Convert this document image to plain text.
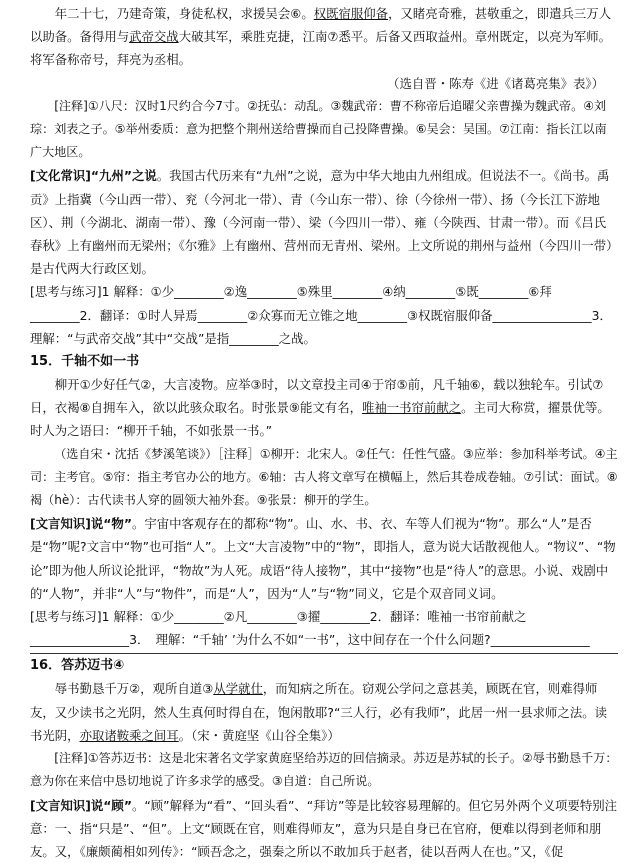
年二十七，乃建奇策，身徒私权，求援吴会⑥。权既宿服仰备，又睹亮奇雅，甚敬重之，即遣兵三万人以助备。备得用与武帝交战大破其军，乘胜克捷，江南⑦悉平。后备又西取益州。章州既定，以亮为军师。将军备称帝号，拜亮为丞相。

（选自晋・陈寿《进《诸葛亮集》表》）

[注释]①八尺：汉时1尺约合今7寸。②抚弘：动乱。③魏武帝：曹不称帝后追曜父亲曹操为魏武帝。④刘琮：刘表之子。⑤举州委质：意为把整个荆州送给曹操而自己投降曹操。⑥吴会：吴国。⑦江南：指长江以南广大地区。

[文化常识]“九州”之说。我国古代历来有“九州”之说，意为中华大地由九州组成。但说法不一。《尚书。禹贡》上指冀（今山西一带）、兖（今河北一带）、青（今山东一带）、徐（今徐州一带）、扬（今长江下游地区）、荆（今湖北、湖南一带）、豫（今河南一带）、梁（今四川一带）、雍（今陕西、甘肃一带）。而《吕氏春秋》上有幽州而无梁州；《尔雅》上有幽州、营州而无青州、梁州。上文所说的荆州与益州（今四川一带）是古代两大行政区划。

[思考与练习]1 解释：①少________②逸________⑤殊里________④纳________⑤既________⑥拜________2．翻译：①时人异焉________②众寡而无立锥之地________③权既宿服仰备________________3．理解：“与武帝交战”其中“交战”是指________之战。

15．千轴不如一书

柳开①少好任气②，大言凌物。应举③时，以文章投主司④于帘⑤前，凡千轴⑥，载以独轮车。引试⑦日，衣褐⑧自拥车入，欲以此骇众取名。时张景⑨能文有名，唯袖一书帘前献之。主司大称赏，擢景优等。时人为之语曰：“柳开千轴，不如张景一书。”

（选自宋・沈括《梦溪笔谈》）［注释］①柳开：北宋人。②任气：任性气盛。③应举：参加科举考试。④主司：主考官。⑤帘：指主考官办公的地方。⑥轴：古人将文章写在横幅上，然后其卷成卷轴。⑦引试：面试。⑧褐（hè）：古代读书人穿的圆领大袖外套。⑨张景：柳开的学生。

[文言知识]说“物”。宇宙中客观存在的都称“物”。山、水、书、衣、车等人们视为“物”。那么“人”是否是“物”呢?文言中“物”也可指“人”。上文“大言凌物”中的“物”，即指人，意为说大话散视他人。“物议”、“物论”即为他人所议论批评，“物故”为人死。成语“待人接物”，其中“接物”也是“待人”的意思。小说、戏剧中的“人物”，并非“人”与“物件”，而是“人”，因为“人”与“物”同义，它是个双音同义词。

[思考与练习]1 解释：①少________②凡________③擢________2．翻译：唯袖一书帘前献之________________3．　理解：“千轴’ ’为什么不如“一书”，这中间存在一个什么问题?________________

16．答苏迈书④

辱书勤恳千万②，观所自道③从学就仕，而知病之所在。窃观公学问之意甚美，顾既在官，则难得师友，又少读书之光阴，然人生真何时得自在，饱闲散耶?“三人行，必有我师”，此居一州一县求师之法。读书光阴，亦取诸鞍乘之间耳。（宋・黄庭坚《山谷全集》）

[注释]①答苏迈书：这是北宋著名文学家黄庭坚给苏迈的回信摘录。苏迈是苏轼的长子。②辱书勤恳千万：意为你在来信中恳切地说了许多求学的感受。③自道：自己所说。

[文言知识]说“顾”。“顾”解释为“看”、“回头看”、“拜访”等是比较容易理解的。但它另外两个义项要特别注意：一、指“只是”、“但”。上文“顾既在官，则难得师友”，意为只是自身已在官府，便难以得到老师和朋友。又，《廉颇蔺相如列传》：“顾吾念之，强秦之所以不敢加兵于赵者，徒以吾两人在也。”又，《促
